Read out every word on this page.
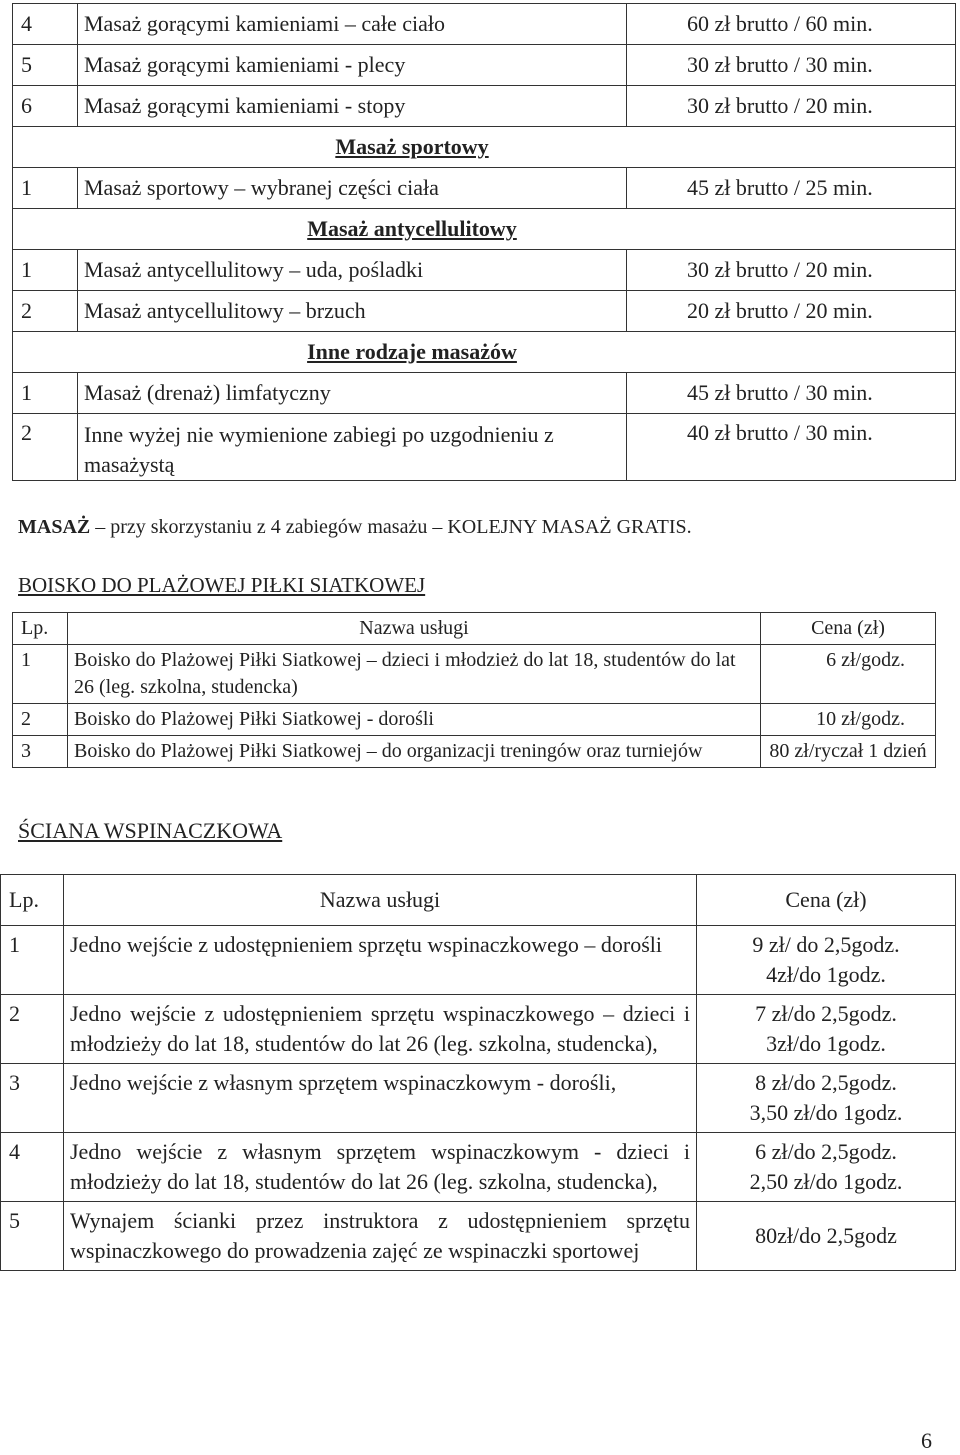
4	Masaż gorącymi kamieniami – całe ciało	60 zł brutto / 60 min.
5	Masaż gorącymi kamieniami - plecy	30 zł brutto / 30 min.
6	Masaż gorącymi kamieniami - stopy	30 zł brutto / 20 min.
Masaż sportowy		
1	Masaż sportowy – wybranej części ciała	45 zł brutto / 25 min.
Masaż antycellulitowy		
1	Masaż antycellulitowy – uda, pośladki	30 zł brutto / 20 min.
2	Masaż antycellulitowy – brzuch	20 zł brutto / 20 min.
Inne rodzaje masażów		
1	Masaż (drenaż) limfatyczny	45 zł brutto / 30 min.
2	Inne wyżej nie wymienione zabiegi po uzgodnieniu z masażystą	40 zł brutto / 30 min.
MASAŻ – przy skorzystaniu z 4 zabiegów masażu – KOLEJNY MASAŻ GRATIS.
BOISKO DO PLAŻOWEJ PIŁKI SIATKOWEJ
Lp.	Nazwa usługi	Cena (zł)
1	Boisko do Plażowej Piłki Siatkowej – dzieci i młodzież do lat 18, studentów do lat 26 (leg. szkolna, studencka)	6 zł/godz.
2	Boisko do Plażowej Piłki Siatkowej - dorośli	10 zł/godz.
3	Boisko do Plażowej Piłki Siatkowej – do organizacji treningów oraz turniejów	80 zł/ryczał 1 dzień
ŚCIANA WSPINACZKOWA
Lp.	Nazwa usługi	Cena (zł)
1	Jedno wejście z udostępnieniem sprzętu wspinaczkowego – dorośli	9 zł/ do 2,5godz.
4zł/do 1godz.

2	Jedno wejście z udostępnieniem sprzętu wspinaczkowego – dzieci i młodzieży do lat 18, studentów do lat 26 (leg. szkolna, studencka),	7 zł/do 2,5godz.
3zł/do 1godz.

3	Jedno wejście z własnym sprzętem wspinaczkowym - dorośli,	8 zł/do 2,5godz.
3,50 zł/do 1godz.

4	Jedno wejście z własnym sprzętem wspinaczkowym - dzieci i młodzieży do lat 18, studentów do lat 26 (leg. szkolna, studencka),	6 zł/do 2,5godz.
2,50 zł/do 1godz.

5	Wynajem ścianki przez instruktora z udostępnieniem sprzętu wspinaczkowego do prowadzenia zajęć ze wspinaczki sportowej	80zł/do 2,5godz
6
